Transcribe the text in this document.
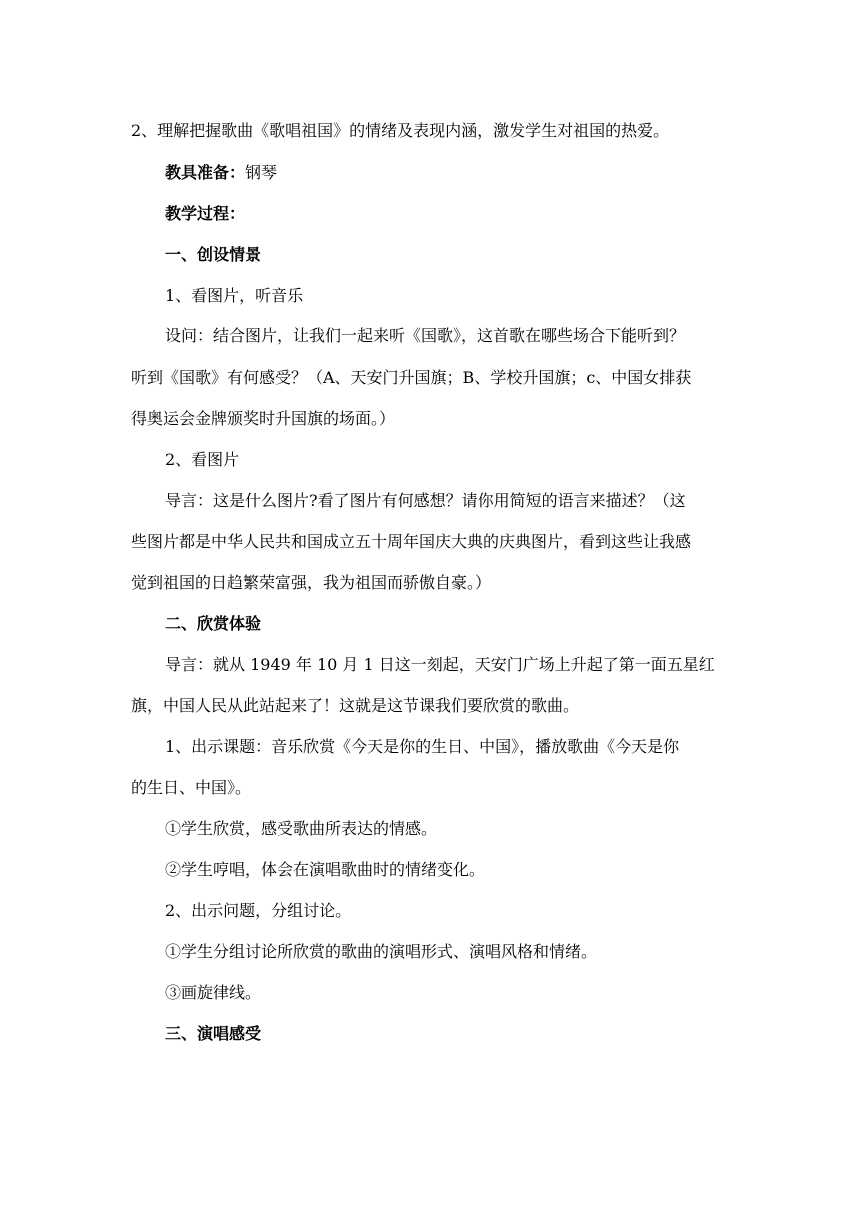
2、理解把握歌曲《歌唱祖国》的情绪及表现内涵，激发学生对祖国的热爱。
教具准备：钢琴
教学过程：
一、创设情景
1、看图片，听音乐
设问：结合图片，让我们一起来听《国歌》，这首歌在哪些场合下能听到？
听到《国歌》有何感受？（A、天安门升国旗；B、学校升国旗；c、中国女排获
得奥运会金牌颁奖时升国旗的场面。）
2、看图片
导言：这是什么图片?看了图片有何感想？请你用简短的语言来描述？（这
些图片都是中华人民共和国成立五十周年国庆大典的庆典图片，看到这些让我感
觉到祖国的日趋繁荣富强，我为祖国而骄傲自豪。）
二、欣赏体验
导言：就从 1949 年 10 月 1 日这一刻起，天安门广场上升起了第一面五星红
旗，中国人民从此站起来了！这就是这节课我们要欣赏的歌曲。
1、出示课题：音乐欣赏《今天是你的生日、中国》，播放歌曲《今天是你
的生日、中国》。
①学生欣赏，感受歌曲所表达的情感。
②学生哼唱，体会在演唱歌曲时的情绪变化。
2、出示问题，分组讨论。
①学生分组讨论所欣赏的歌曲的演唱形式、演唱风格和情绪。
③画旋律线。
三、演唱感受
